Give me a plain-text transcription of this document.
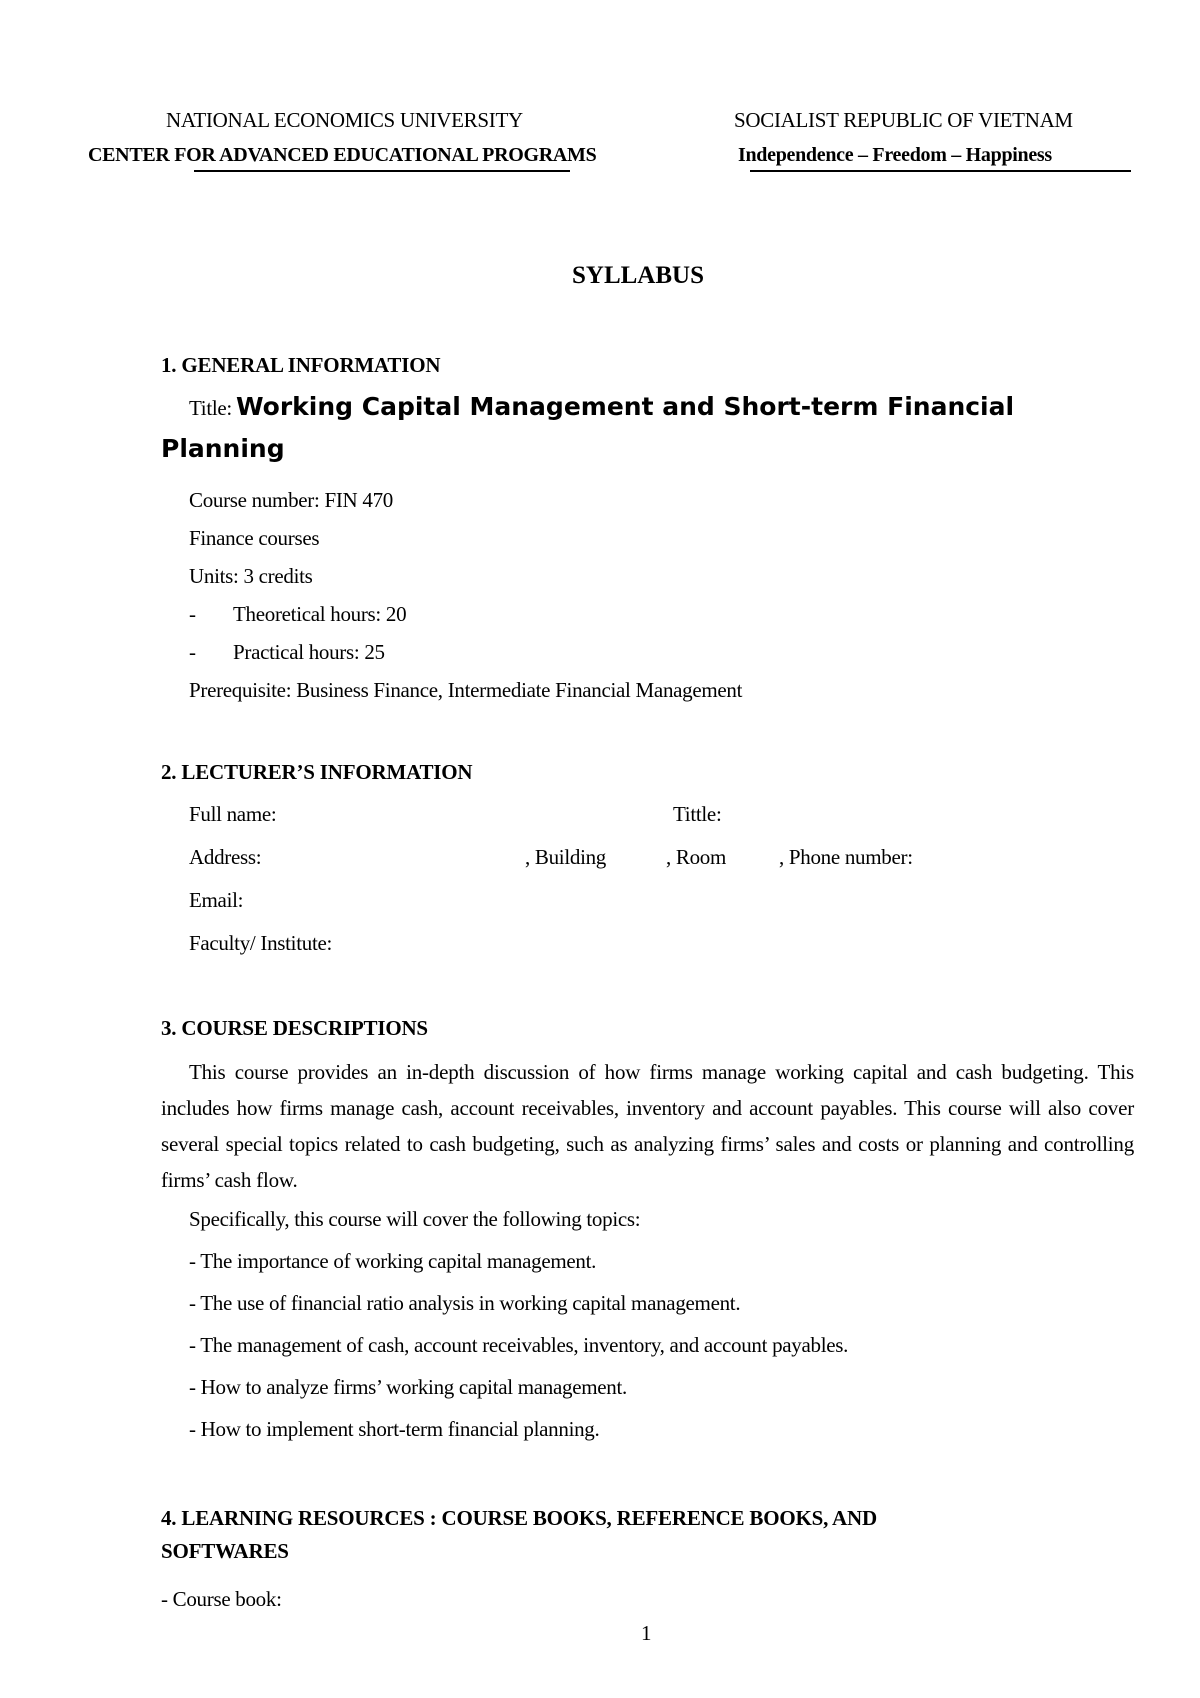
NATIONAL ECONOMICS UNIVERSITY
CENTER FOR ADVANCED EDUCATIONAL PROGRAMS
SOCIALIST REPUBLIC OF VIETNAM
Independence – Freedom – Happiness
SYLLABUS
1. GENERAL INFORMATION
Title: Working Capital Management and Short-term Financial
Planning
Course number: FIN 470
Finance courses
Units: 3 credits
- Theoretical hours: 20
- Practical hours: 25
Prerequisite: Business Finance, Intermediate Financial Management
2. LECTURER’S INFORMATION
Full name:	Tittle:
Address:	, Building	, Room	, Phone number:
Email:
Faculty/ Institute:
3. COURSE DESCRIPTIONS
This course provides an in-depth discussion of how firms manage working capital and cash budgeting. This includes how firms manage cash, account receivables, inventory and account payables. This course will also cover several special topics related to cash budgeting, such as analyzing firms’ sales and costs or planning and controlling firms’ cash flow.
Specifically, this course will cover the following topics:
- The importance of working capital management.
- The use of financial ratio analysis in working capital management.
- The management of cash, account receivables, inventory, and account payables.
- How to analyze firms’ working capital management.
- How to implement short-term financial planning.
4. LEARNING RESOURCES : COURSE BOOKS, REFERENCE BOOKS, AND
SOFTWARES
- Course book:
1
